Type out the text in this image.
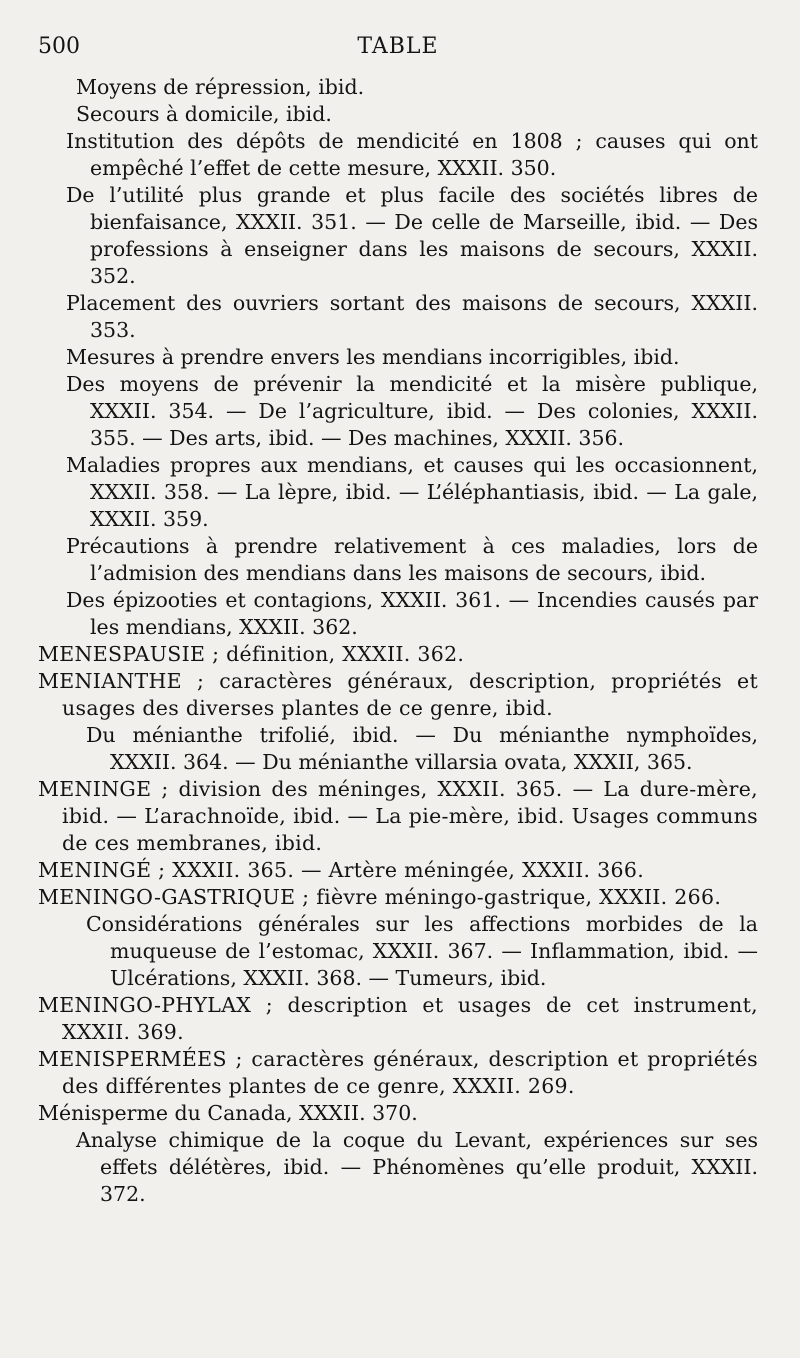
500	TABLE

Moyens de répression, ibid.

Secours à domicile, ibid.

Institution des dépôts de mendicité en 1808 ; causes qui ont empêché l’effet de cette mesure, XXXII. 350.

De l’utilité plus grande et plus facile des sociétés libres de bienfaisance, XXXII. 351. — De celle de Marseille, ibid. — Des professions à enseigner dans les maisons de secours, XXXII. 352.

Placement des ouvriers sortant des maisons de secours, XXXII. 353.

Mesures à prendre envers les mendians incorrigibles, ibid.

Des moyens de prévenir la mendicité et la misère publique, XXXII. 354. — De l’agriculture, ibid. — Des colonies, XXXII. 355. — Des arts, ibid. — Des machines, XXXII. 356.

Maladies propres aux mendians, et causes qui les occasionnent, XXXII. 358. — La lèpre, ibid. — L’éléphantiasis, ibid. — La gale, XXXII. 359.

Précautions à prendre relativement à ces maladies, lors de l’admision des mendians dans les maisons de secours, ibid.

Des épizooties et contagions, XXXII. 361. — Incendies causés par les mendians, XXXII. 362.

MENESPAUSIE ; définition, XXXII. 362.

MENIANTHE ; caractères généraux, description, propriétés et usages des diverses plantes de ce genre, ibid.

Du ménianthe trifolié, ibid. — Du ménianthe nymphoïdes, XXXII. 364. — Du ménianthe villarsia ovata, XXXII, 365.

MENINGE ; division des méninges, XXXII. 365. — La dure-mère, ibid. — L’arachnoïde, ibid. — La pie-mère, ibid. Usages communs de ces membranes, ibid.

MENINGÉ ; XXXII. 365. — Artère méningée, XXXII. 366.

MENINGO-GASTRIQUE ; fièvre méningo-gastrique, XXXII. 266.

Considérations générales sur les affections morbides de la muqueuse de l’estomac, XXXII. 367. — Inflammation, ibid. — Ulcérations, XXXII. 368. — Tumeurs, ibid.

MENINGO-PHYLAX ; description et usages de cet instrument, XXXII. 369.

MENISPERMÉES ; caractères généraux, description et propriétés des différentes plantes de ce genre, XXXII. 269.

Ménisperme du Canada, XXXII. 370.

Analyse chimique de la coque du Levant, expériences sur ses effets délétères, ibid. — Phénomènes qu’elle produit, XXXII. 372.
